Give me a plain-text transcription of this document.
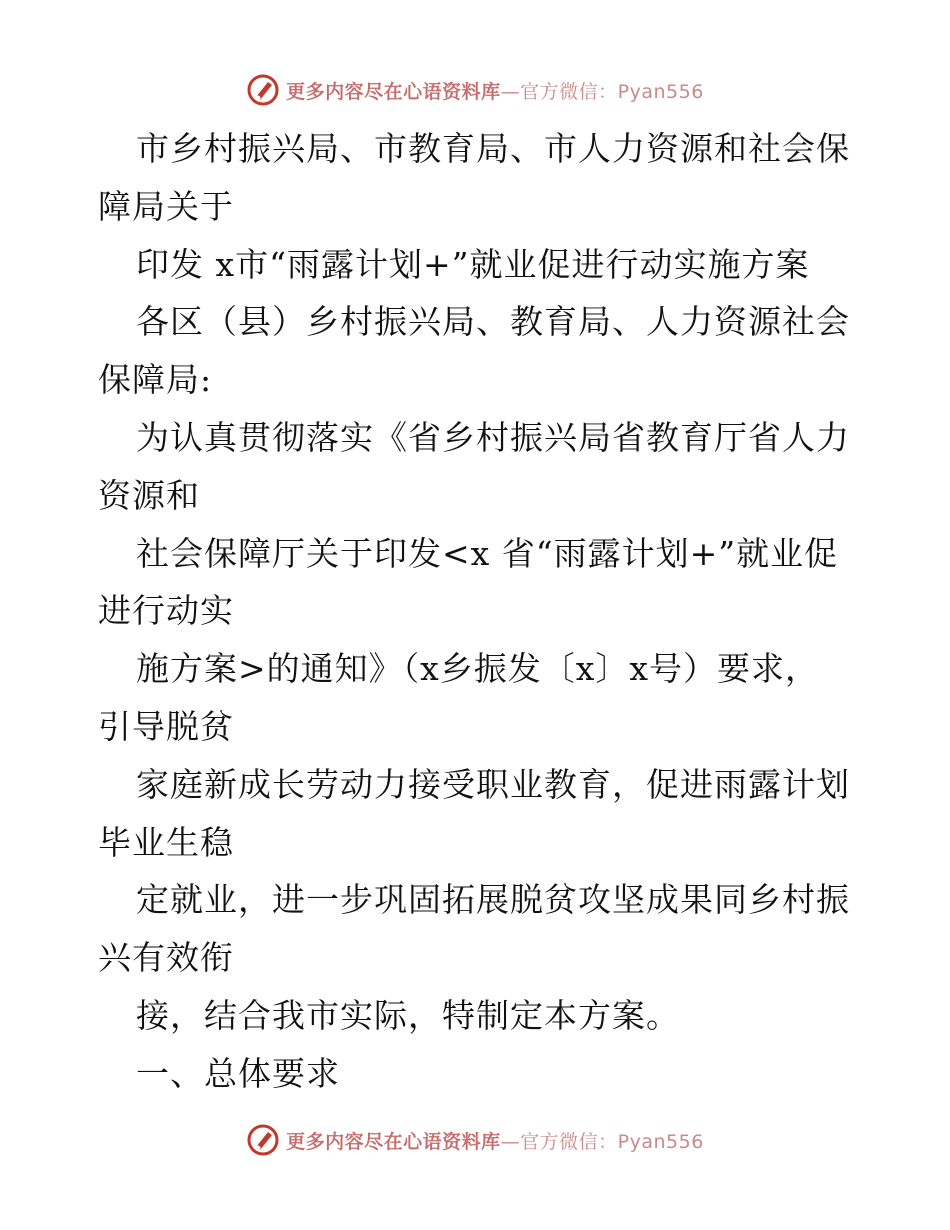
更多内容尽在心语资料库—官方微信：Pyan556
市乡村振兴局、市教育局、市人力资源和社会保
障局关于
印发 x市“雨露计划+”就业促进行动实施方案
各区（县）乡村振兴局、教育局、人力资源社会
保障局:
为认真贯彻落实《省乡村振兴局省教育厅省人力
资源和
社会保障厅关于印发<x 省“雨露计划+”就业促
进行动实
施方案>的通知》（x乡振发〔x〕x号）要求，
引导脱贫
家庭新成长劳动力接受职业教育，促进雨露计划
毕业生稳
定就业，进一步巩固拓展脱贫攻坚成果同乡村振
兴有效衔
接，结合我市实际，特制定本方案。
一、总体要求
更多内容尽在心语资料库—官方微信：Pyan556
